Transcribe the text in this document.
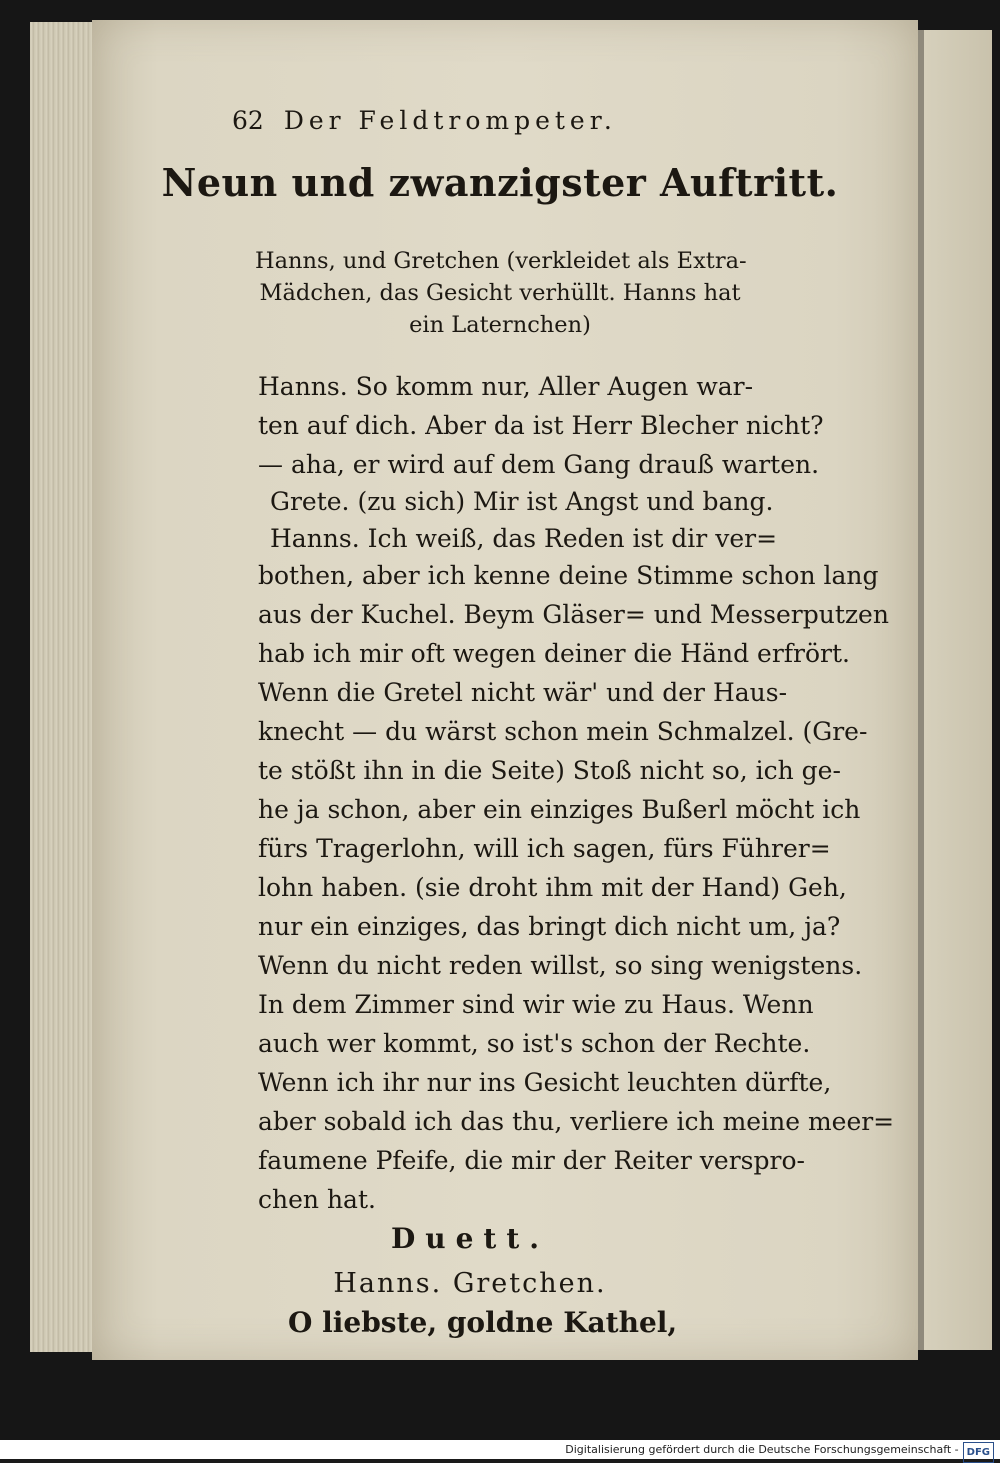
62 Der Feldtrompeter.
Neun und zwanzigster Auftritt.
Hanns, und Gretchen (verkleidet als Extra-
Mädchen, das Gesicht verhüllt. Hanns hat
ein Laternchen)
Hanns. So komm nur, Aller Augen war-
ten auf dich. Aber da ist Herr Blecher nicht?
— aha, er wird auf dem Gang drauß warten.
Grete. (zu sich) Mir ist Angst und bang.
Hanns. Ich weiß, das Reden ist dir ver=
bothen, aber ich kenne deine Stimme schon lang
aus der Kuchel. Beym Gläser= und Messerputzen
hab ich mir oft wegen deiner die Händ erfrört.
Wenn die Gretel nicht wär' und der Haus-
knecht — du wärst schon mein Schmalzel. (Gre-
te stößt ihn in die Seite) Stoß nicht so, ich ge-
he ja schon, aber ein einziges Bußerl möcht ich
fürs Tragerlohn, will ich sagen, fürs Führer=
lohn haben. (sie droht ihm mit der Hand) Geh,
nur ein einziges, das bringt dich nicht um, ja?
Wenn du nicht reden willst, so sing wenigstens.
In dem Zimmer sind wir wie zu Haus. Wenn
auch wer kommt, so ist's schon der Rechte.
Wenn ich ihr nur ins Gesicht leuchten dürfte,
aber sobald ich das thu, verliere ich meine meer=
faumene Pfeife, die mir der Reiter verspro-
chen hat.
Duett.
Hanns. Gretchen.
O liebste, goldne Kathel,
Digitalisierung gefördert durch die Deutsche Forschungsgemeinschaft - DFG
